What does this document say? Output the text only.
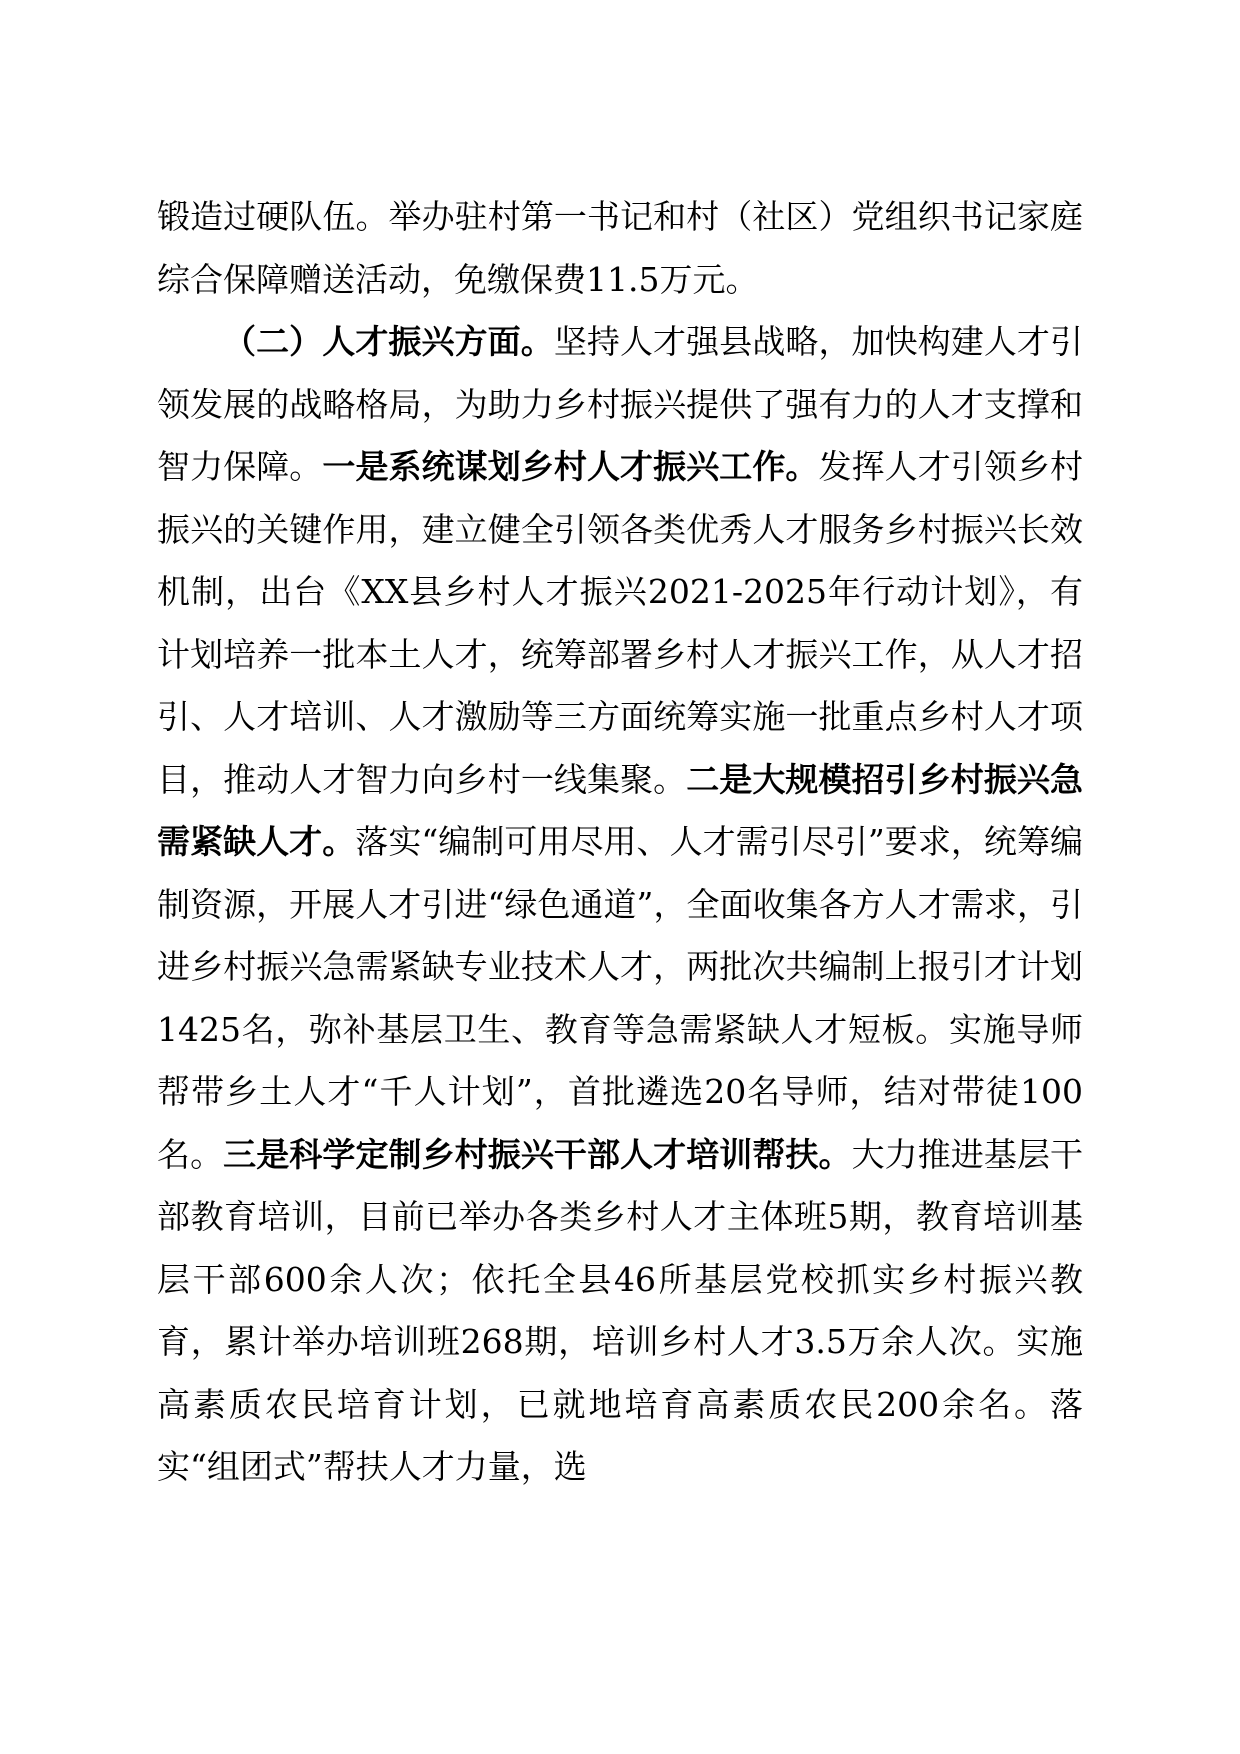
锻造过硬队伍。举办驻村第一书记和村（社区）党组织书记家庭综合保障赠送活动，免缴保费11.5万元。

（二）人才振兴方面。坚持人才强县战略，加快构建人才引领发展的战略格局，为助力乡村振兴提供了强有力的人才支撑和智力保障。一是系统谋划乡村人才振兴工作。发挥人才引领乡村振兴的关键作用，建立健全引领各类优秀人才服务乡村振兴长效机制，出台《XX县乡村人才振兴2021-2025年行动计划》，有计划培养一批本土人才，统筹部署乡村人才振兴工作，从人才招引、人才培训、人才激励等三方面统筹实施一批重点乡村人才项目，推动人才智力向乡村一线集聚。二是大规模招引乡村振兴急需紧缺人才。落实“编制可用尽用、人才需引尽引”要求，统筹编制资源，开展人才引进“绿色通道”，全面收集各方人才需求，引进乡村振兴急需紧缺专业技术人才，两批次共编制上报引才计划1425名，弥补基层卫生、教育等急需紧缺人才短板。实施导师帮带乡土人才“千人计划”，首批遴选20名导师，结对带徒100名。三是科学定制乡村振兴干部人才培训帮扶。大力推进基层干部教育培训，目前已举办各类乡村人才主体班5期，教育培训基层干部600余人次；依托全县46所基层党校抓实乡村振兴教育，累计举办培训班268期，培训乡村人才3.5万余人次。实施高素质农民培育计划，已就地培育高素质农民200余名。落实“组团式”帮扶人才力量，选
